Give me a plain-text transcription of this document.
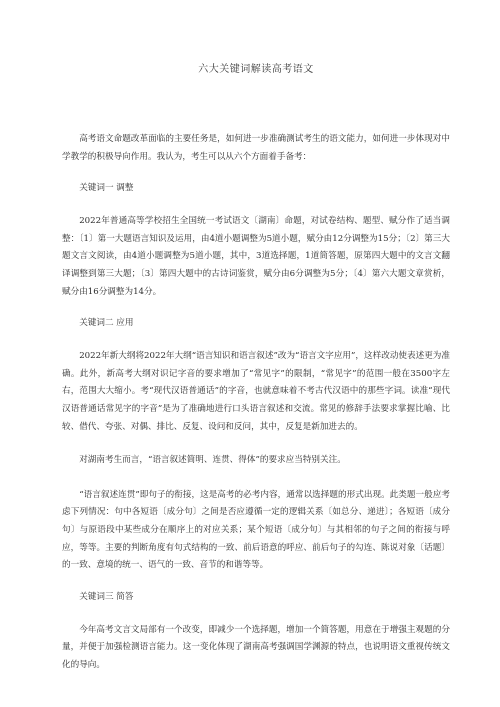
六大关键词解读高考语文

高考语文命题改革面临的主要任务是，如何进一步准确测试考生的语文能力，如何进一步体现对中学教学的积极导向作用。我认为，考生可以从六个方面着手备考：

关键词一 调整

2022年普通高等学校招生全国统一考试语文〔湖南〕命题，对试卷结构、题型、赋分作了适当调整：〔1〕第一大题语言知识及运用，由4道小题调整为5道小题，赋分由12分调整为15分；〔2〕第三大题文言文阅读，由4道小题调整为5道小题，其中，3道选择题，1道简答题，原第四大题中的文言文翻译调整到第三大题；〔3〕第四大题中的古诗词鉴赏，赋分由6分调整为5分；〔4〕第六大题文章赏析，赋分由16分调整为14分。

关键词二 应用

2022年新大纲将2022年大纲“语言知识和语言叙述”改为“语言文字应用”，这样改动使表述更为准确。此外，新高考大纲对识记字音的要求增加了“常见字”的限制，“常见字”的范围一般在3500字左右，范围大大缩小。考“现代汉语普通话”的字音，也就意味着不考古代汉语中的那些字词。读准“现代汉语普通话常见字的字音”是为了准确地进行口头语言叙述和交流。常见的修辞手法要求掌握比喻、比较、借代、夸张、对偶、排比、反复、设问和反问，其中，反复是新加进去的。

对湖南考生而言，“语言叙述简明、连贯、得体”的要求应当特别关注。

“语言叙述连贯”即句子的衔接，这是高考的必考内容，通常以选择题的形式出现。此类题一般应考虑下列情况：句中各短语〔成分句〕之间是否应遵循一定的逻辑关系〔如总分、递进〕；各短语〔成分句〕与原语段中某些成分在顺序上的对应关系；某个短语〔成分句〕与其相邻的句子之间的衔接与呼应，等等。主要的判断角度有句式结构的一致、前后语意的呼应、前后句子的勾连、陈说对象〔话题〕的一致、意境的统一、语气的一致、音节的和谐等等。

关键词三 简答

今年高考文言文局部有一个改变，即减少一个选择题，增加一个简答题，用意在于增强主观题的分量，并便于加强检测语言能力。这一变化体现了湖南高考强调国学渊源的特点，也说明语文重视传统文化的导向。
